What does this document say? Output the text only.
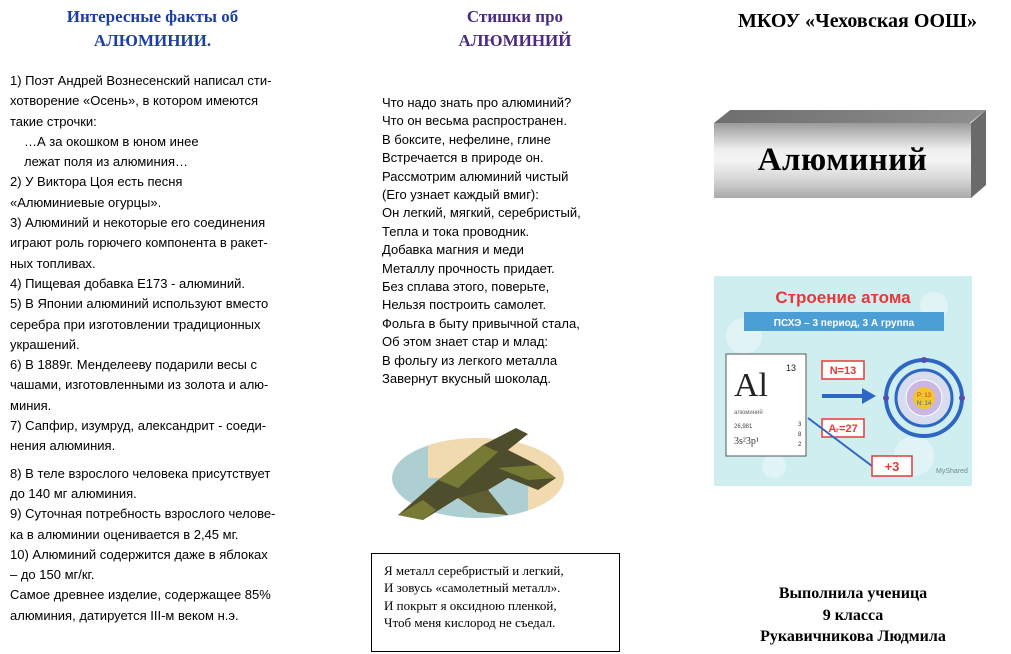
Интересные факты об
АЛЮМИНИИ.

1) Поэт Андрей Вознесенский написал сти-

хотворение «Осень», в котором имеются

такие строчки:

…А за окошком в юном инее

лежат поля из алюминия…

2) У Виктора Цоя есть песня

«Алюминиевые огурцы».

3) Алюминий и некоторые его соединения

играют роль горючего компонента в ракет-

ных топливах.

4) Пищевая добавка Е173 - алюминий.

5) В Японии алюминий используют вместо

серебра при изготовлении традиционных

украшений.

6) В 1889г. Менделееву подарили весы с

чашами, изготовленными из золота и алю-

миния.

7) Сапфир, изумруд, александрит - соеди-

нения алюминия.

8) В теле взрослого человека присутствует

до 140 мг алюминия.

9) Суточная потребность взрослого челове-

ка в алюминии оценивается в 2,45 мг.

10) Алюминий содержится даже в яблоках

– до 150 мг/кг.

Самое древнее изделие, содержащее 85%

алюминия, датируется III-м веком н.э.

Стишки про
АЛЮМИНИЙ
Что надо знать про алюминий?
Что он весьма распространен.
В боксите, нефелине, глине
Встречается в природе он.
Рассмотрим алюминий чистый
(Его узнает каждый вмиг):
Он легкий, мягкий, серебристый,
Тепла и тока проводник.
Добавка магния и меди
Металлу прочность придает.
Без сплава этого, поверьте,
Нельзя построить самолет.
Фольга в быту привычной стала,
Об этом знает стар и млад:
В фольгу из легкого металла
Завернут вкусный шоколад.
Я металл серебристый и легкий,
И зовусь «самолетный металл».
И покрыт я оксидною пленкой,
Чтоб меня кислород не съедал.
МКОУ «Чеховская ООШ»
Алюминий
Строение атома
ПСХЭ – 3 период, 3 А группа
Al 13
алюминий
26,981
3s²3p¹
3
8
2
N=13
Aᵣ=27
P: 13
N: 14
+3	MyShared
Выполнила ученица
9 класса
Рукавичникова Людмила
